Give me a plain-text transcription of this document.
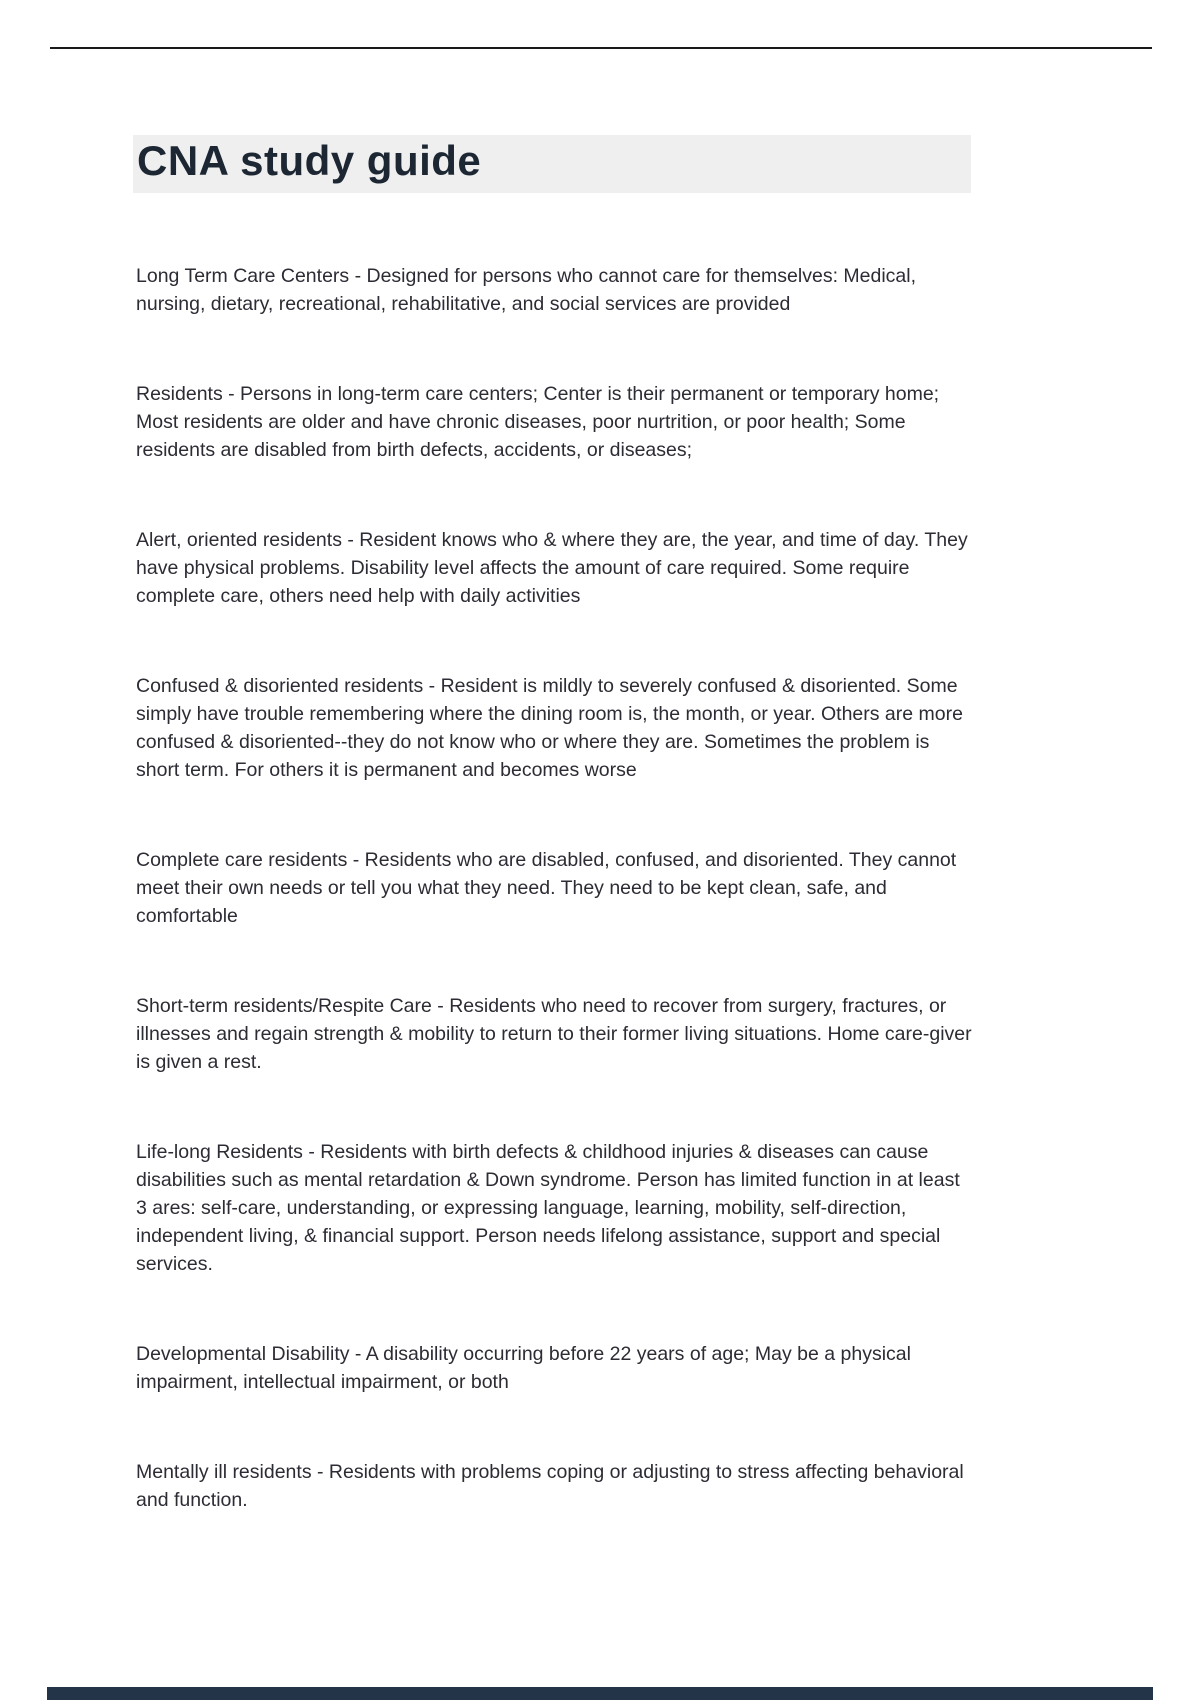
CNA study guide

Long Term Care Centers - Designed for persons who cannot care for themselves: Medical, nursing, dietary, recreational, rehabilitative, and social services are provided

Residents - Persons in long-term care centers; Center is their permanent or temporary home; Most residents are older and have chronic diseases, poor nurtrition, or poor health; Some residents are disabled from birth defects, accidents, or diseases;

Alert, oriented residents - Resident knows who & where they are, the year, and time of day. They have physical problems. Disability level affects the amount of care required. Some require complete care, others need help with daily activities

Confused & disoriented residents - Resident is mildly to severely confused & disoriented. Some simply have trouble remembering where the dining room is, the month, or year. Others are more confused & disoriented--they do not know who or where they are. Sometimes the problem is short term. For others it is permanent and becomes worse

Complete care residents - Residents who are disabled, confused, and disoriented. They cannot meet their own needs or tell you what they need. They need to be kept clean, safe, and comfortable

Short-term residents/Respite Care - Residents who need to recover from surgery, fractures, or illnesses and regain strength & mobility to return to their former living situations. Home care-giver is given a rest.

Life-long Residents - Residents with birth defects & childhood injuries & diseases can cause disabilities such as mental retardation & Down syndrome. Person has limited function in at least 3 ares: self-care, understanding, or expressing language, learning, mobility, self-direction, independent living, & financial support. Person needs lifelong assistance, support and special services.

Developmental Disability - A disability occurring before 22 years of age; May be a physical impairment, intellectual impairment, or both

Mentally ill residents - Residents with problems coping or adjusting to stress affecting behavioral and function.
